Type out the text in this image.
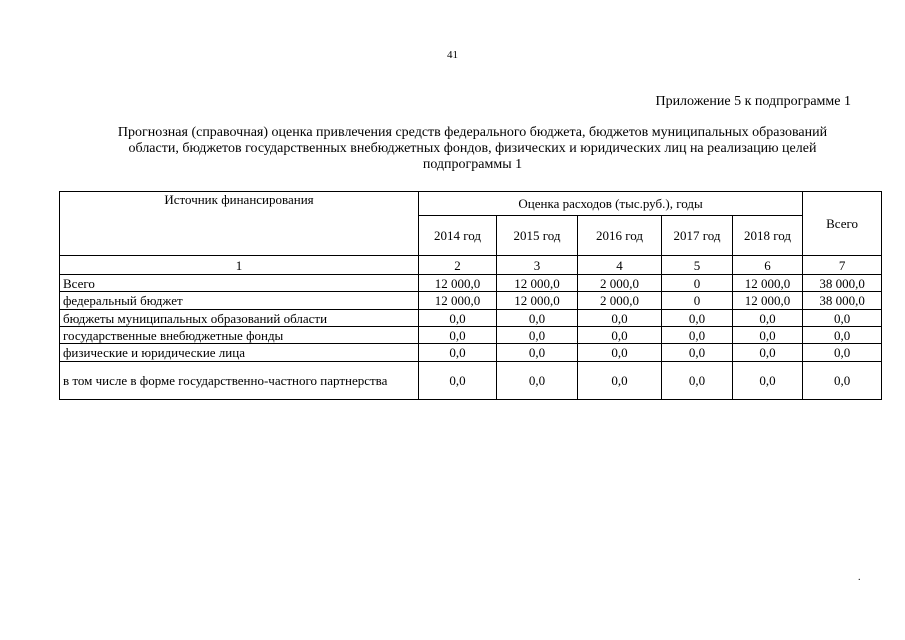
41
Приложение 5 к подпрограмме 1
Прогнозная (справочная) оценка привлечения средств федерального бюджета, бюджетов муниципальных образований
области, бюджетов государственных внебюджетных фондов, физических и юридических лиц на реализацию целей
подпрограммы 1
Источник финансирования	Оценка расходов (тыс.руб.), годы					Всего
	2014 год	2015 год	2016 год	2017 год	2018 год	
1	2	3	4	5	6	7
Всего	12 000,0	12 000,0	2 000,0	0	12 000,0	38 000,0
федеральный бюджет	12 000,0	12 000,0	2 000,0	0	12 000,0	38 000,0
бюджеты муниципальных образований области	0,0	0,0	0,0	0,0	0,0	0,0
государственные внебюджетные фонды	0,0	0,0	0,0	0,0	0,0	0,0
физические и юридические лица	0,0	0,0	0,0	0,0	0,0	0,0
в том числе в форме государственно-частного партнерства	0,0	0,0	0,0	0,0	0,0	0,0
.
